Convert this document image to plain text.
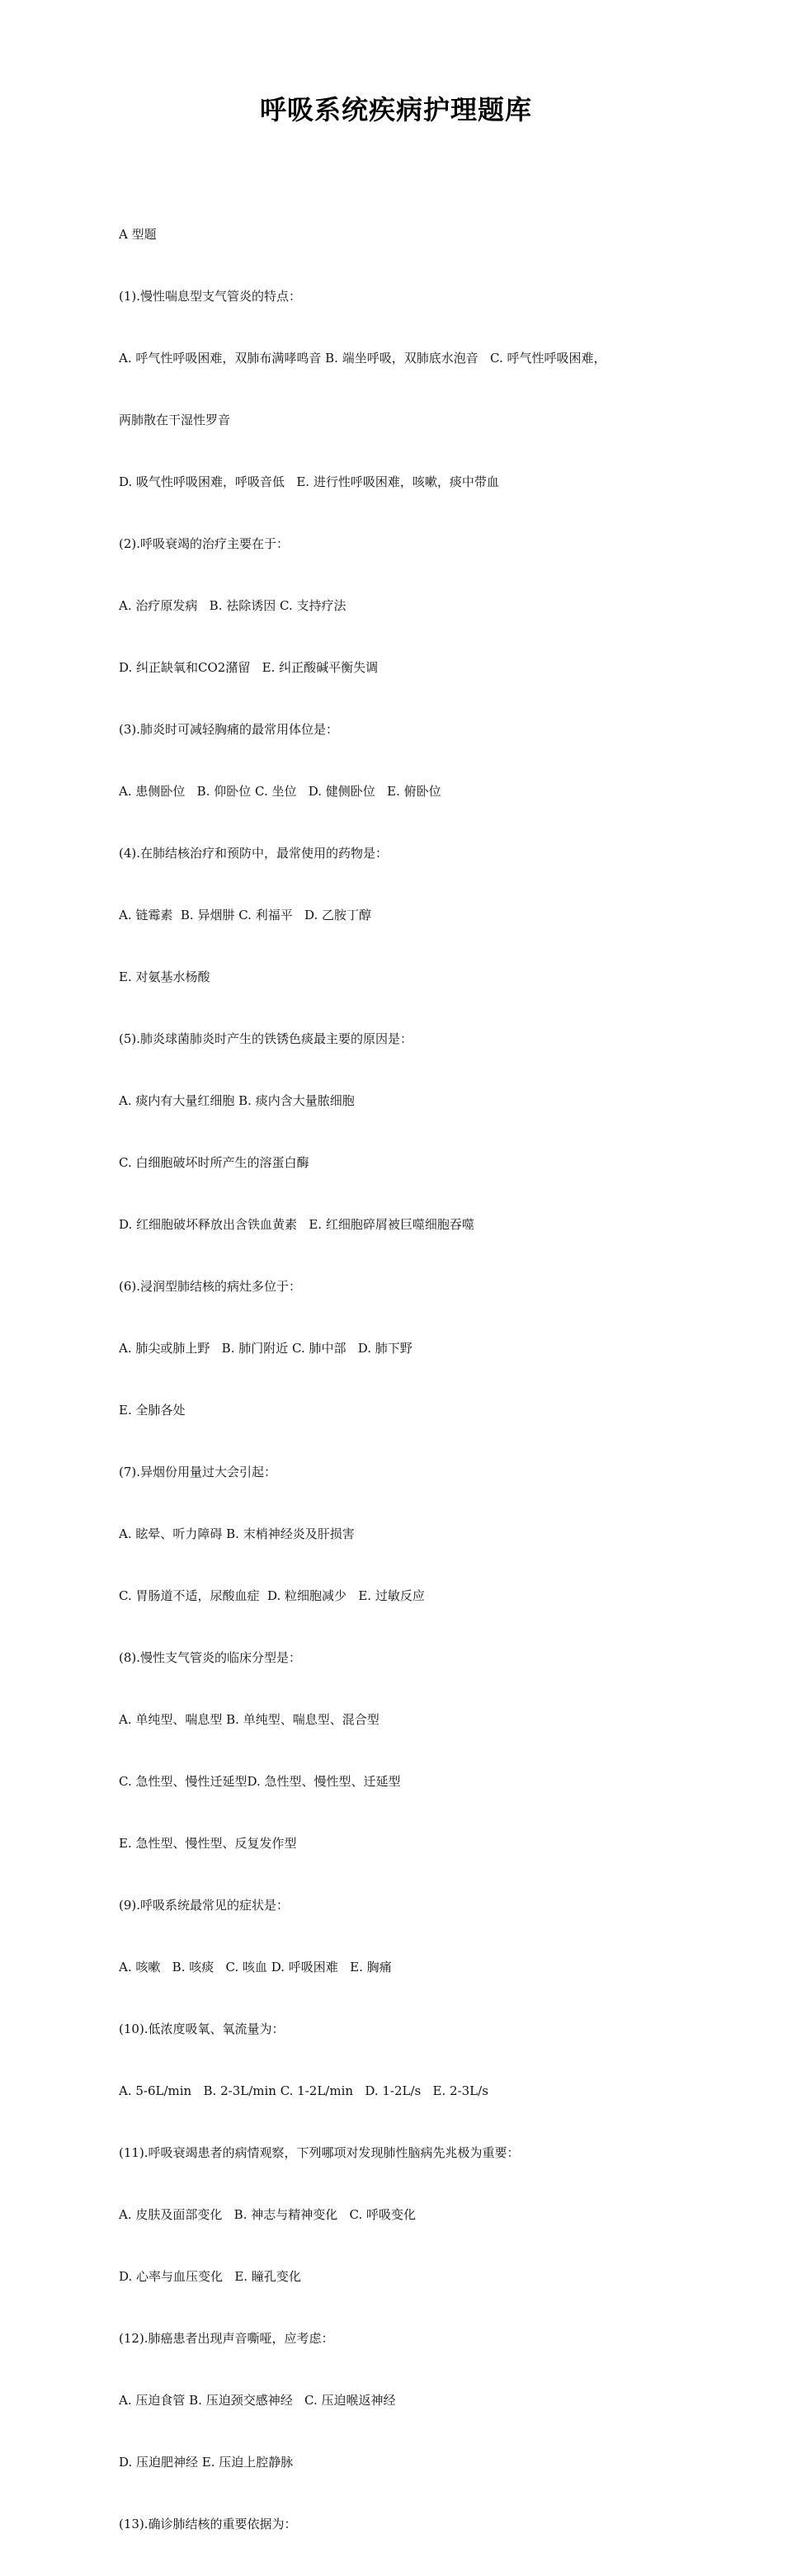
呼吸系统疾病护理题库

A 型题

(1).慢性喘息型支气管炎的特点：

A. 呼气性呼吸困难，双肺布满哮鸣音 B. 端坐呼吸，双肺底水泡音   C. 呼气性呼吸困难，

两肺散在干湿性罗音

D. 吸气性呼吸困难，呼吸音低   E. 进行性呼吸困难，咳嗽，痰中带血

(2).呼吸衰竭的治疗主要在于：

A. 治疗原发病   B. 祛除诱因 C. 支持疗法

D. 纠正缺氧和CO2潴留   E. 纠正酸碱平衡失调

(3).肺炎时可减轻胸痛的最常用体位是：

A. 患侧卧位   B. 仰卧位 C. 坐位   D. 健侧卧位   E. 俯卧位

(4).在肺结核治疗和预防中，最常使用的药物是：

A. 链霉素  B. 异烟肼 C. 利福平   D. 乙胺丁醇

E. 对氨基水杨酸

(5).肺炎球菌肺炎时产生的铁锈色痰最主要的原因是：

A. 痰内有大量红细胞 B. 痰内含大量脓细胞

C. 白细胞破坏时所产生的溶蛋白酶

D. 红细胞破坏释放出含铁血黄素   E. 红细胞碎屑被巨噬细胞吞噬

(6).浸润型肺结核的病灶多位于：

A. 肺尖或肺上野   B. 肺门附近 C. 肺中部   D. 肺下野

E. 全肺各处

(7).异烟份用量过大会引起：

A. 眩晕、听力障碍 B. 末梢神经炎及肝损害

C. 胃肠道不适，尿酸血症  D. 粒细胞减少   E. 过敏反应

(8).慢性支气管炎的临床分型是：

A. 单纯型、喘息型 B. 单纯型、喘息型、混合型

C. 急性型、慢性迁延型D. 急性型、慢性型、迁延型

E. 急性型、慢性型、反复发作型

(9).呼吸系统最常见的症状是：

A. 咳嗽   B. 咳痰   C. 咳血 D. 呼吸困难   E. 胸痛

(10).低浓度吸氧、氧流量为：

A. 5-6L/min   B. 2-3L/min C. 1-2L/min   D. 1-2L/s   E. 2-3L/s

(11).呼吸衰竭患者的病情观察，下列哪项对发现肺性脑病先兆极为重要：

A. 皮肤及面部变化   B. 神志与精神变化   C. 呼吸变化

D. 心率与血压变化   E. 瞳孔变化

(12).肺癌患者出现声音嘶哑，应考虑：

A. 压迫食管 B. 压迫颈交感神经   C. 压迫喉返神经

D. 压迫肥神经 E. 压迫上腔静脉

(13).确诊肺结核的重要依据为：
